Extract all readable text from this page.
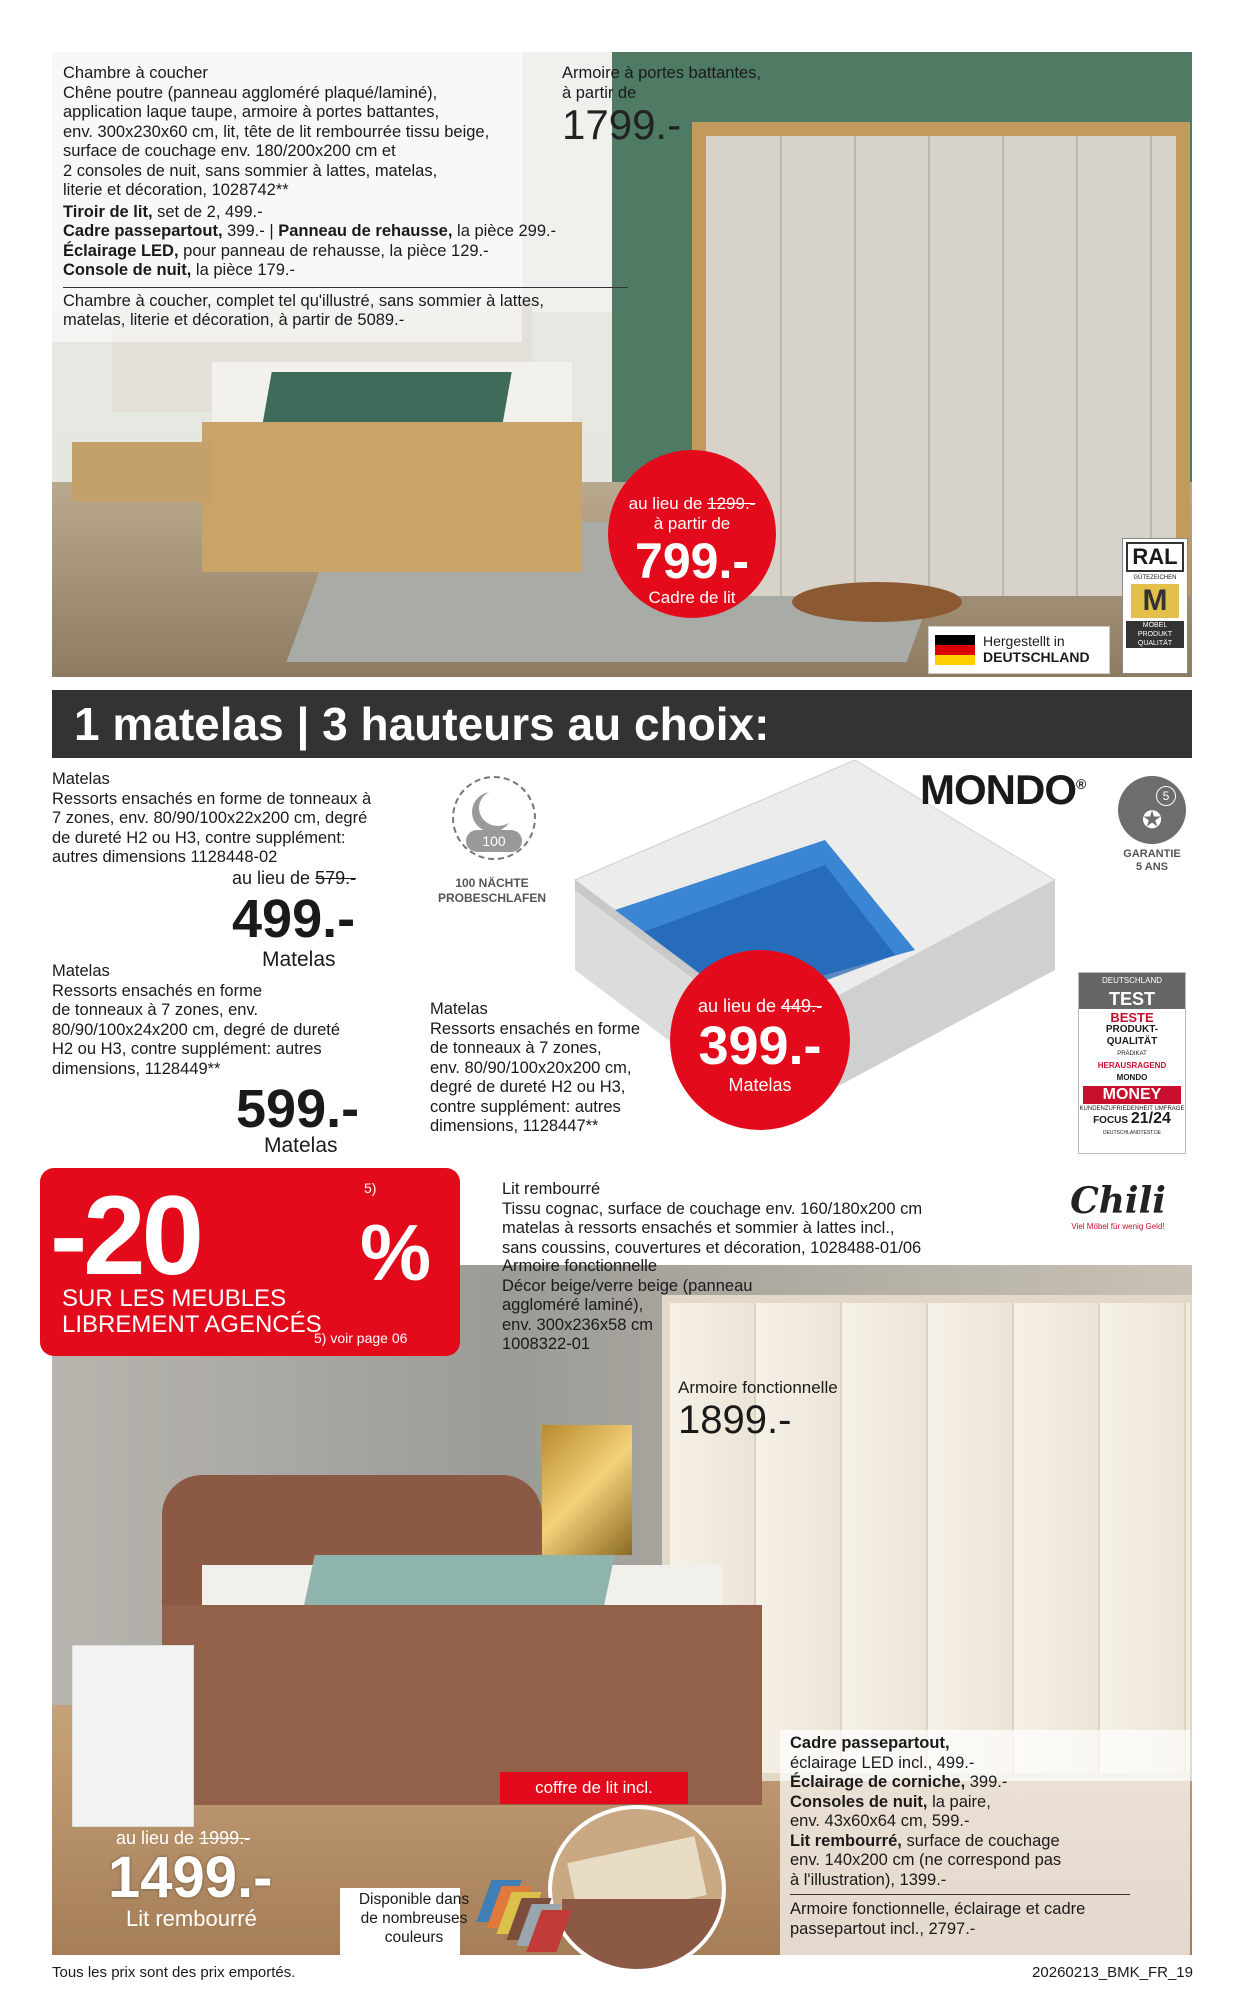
Chambre à coucher
Chêne poutre (panneau aggloméré plaqué/laminé),
application laque taupe, armoire à portes battantes,
env. 300x230x60 cm, lit, tête de lit rembourrée tissu beige,
surface de couchage env. 180/200x200 cm et
2 consoles de nuit, sans sommier à lattes, matelas,
literie et décoration, 1028742**
Tiroir de lit, set de 2, 499.-
Cadre passepartout, 399.- | Panneau de rehausse, la pièce 299.-
Éclairage LED, pour panneau de rehausse, la pièce 129.-
Console de nuit, la pièce 179.-
Chambre à coucher, complet tel qu'illustré, sans sommier à lattes,
matelas, literie et décoration, à partir de 5089.-
Armoire à portes battantes,
à partir de
1799.-
au lieu de 1299.-
à partir de
799.-
Cadre de lit
Hergestellt in
DEUTSCHLAND
RAL
GÜTEZEICHEN
M
MÖBEL PRODUKT QUALITÄT
1 matelas | 3 hauteurs au choix:
100
100 NÄCHTE
PROBESCHLAFEN
MONDO®
5
✪
GARANTIE
5 ANS
Matelas
Ressorts ensachés en forme de tonneaux à
7 zones, env. 80/90/100x22x200 cm, degré
de dureté H2 ou H3, contre supplément:
autres dimensions 1128448-02
au lieu de 579.-
499.-
Matelas
Matelas
Ressorts ensachés en forme
de tonneaux à 7 zones, env.
80/90/100x24x200 cm, degré de dureté
H2 ou H3, contre supplément: autres
dimensions, 1128449**
599.-
Matelas
Matelas
Ressorts ensachés en forme
de tonneaux à 7 zones,
env. 80/90/100x20x200 cm,
degré de dureté H2 ou H3,
contre supplément: autres
dimensions, 1128447**
au lieu de 449.-
399.-
Matelas
DEUTSCHLAND
TEST
BESTE
PRODUKT-
QUALITÄT
PRÄDIKAT
HERAUSRAGEND
MONDO
MONEY
KUNDENZUFRIEDENHEIT UMFRAGE
FOCUS 21/24
DEUTSCHLANDTEST.DE
-20 %
5)
SUR LES MEUBLES
LIBREMENT AGENCÉS
5) voir page 06
Lit rembourré
Tissu cognac, surface de couchage env. 160/180x200 cm
matelas à ressorts ensachés et sommier à lattes incl.,
sans coussins, couvertures et décoration, 1028488-01/06
Armoire fonctionnelle
Décor beige/verre beige (panneau
aggloméré laminé),
env. 300x236x58 cm
1008322-01
Chili
Viel Möbel für wenig Geld!
Armoire fonctionnelle
1899.-
au lieu de 1999.-
1499.-
Lit rembourré
coffre de lit incl.
Disponible dans
de nombreuses
couleurs
Cadre passepartout,
éclairage LED incl., 499.-
Éclairage de corniche, 399.-
Consoles de nuit, la paire,
env. 43x60x64 cm, 599.-
Lit rembourré, surface de couchage
env. 140x200 cm (ne correspond pas
à l'illustration), 1399.-
Armoire fonctionnelle, éclairage et cadre
passepartout incl., 2797.-
Tous les prix sont des prix emportés.	20260213_BMK_FR_19
